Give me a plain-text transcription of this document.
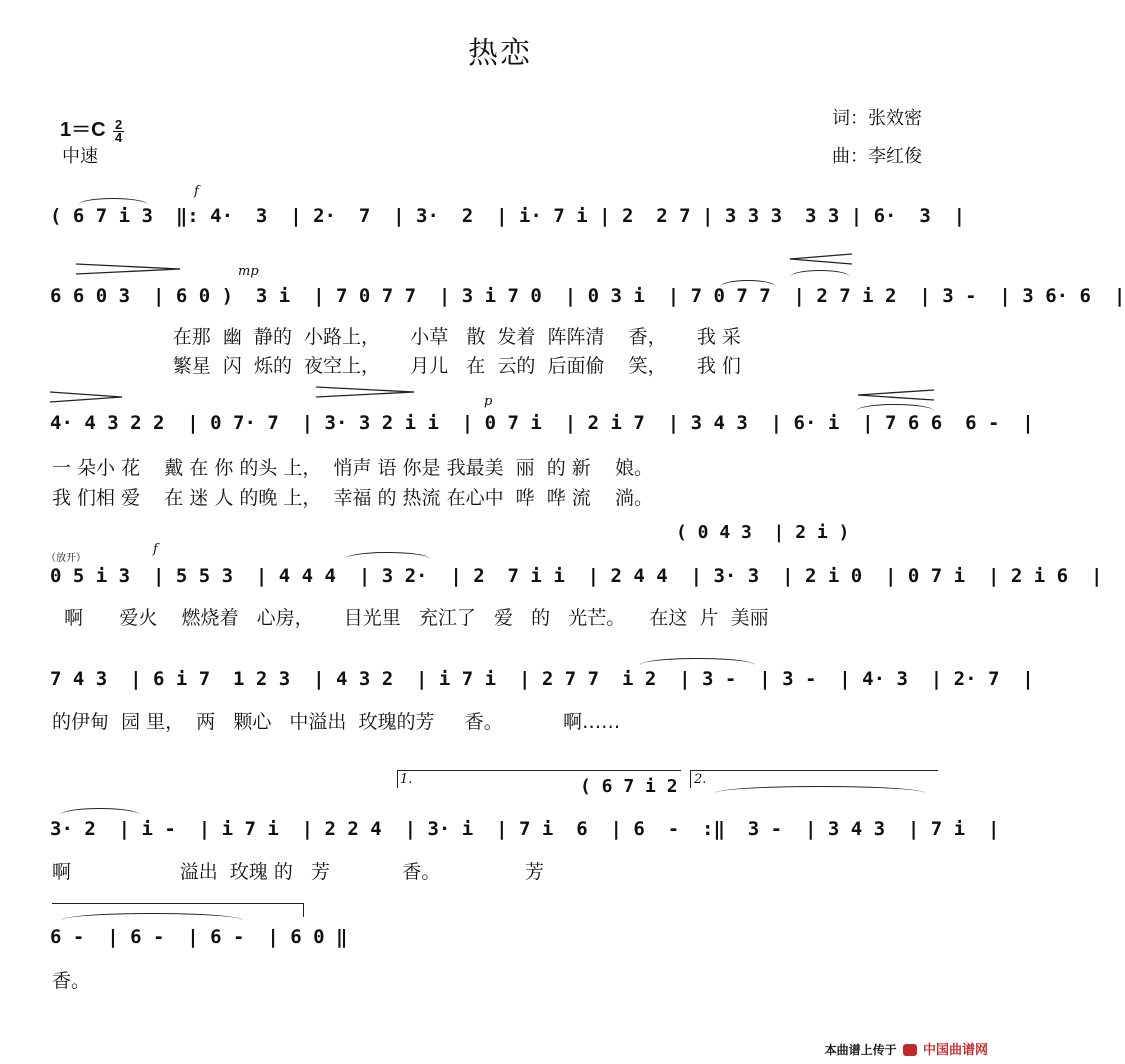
热恋
$1=C \frac{2}{4}$
中速
词：张效密
曲：李红俊
f
( 6 7 i 3  ‖: 4·  3  | 2·  7  | 3·  2  | i· 7 i | 2  2 7 | 3 3 3  3 3 | 6·  3  |
mp
6 6 0 3  | 6 0 )  3 i  | 7 0 7 7  | 3 i 7 0  | 0 3 i  | 7 0 7 7  | 2 7 i 2  | 3 -  | 3 6· 6  |
在那  幽  静的  小路上，     小草   散  发着  阵阵清    香，     我 采
繁星  闪  烁的  夜空上，     月儿   在  云的  后面偷    笑，     我 们
p
4· 4 3 2 2  | 0 7· 7  | 3· 3 2 i i  | 0 7 i  | 2 i 7  | 3 4 3  | 6· i  | 7 6 6  6 -  |
一 朵小 花    戴 在 你 的头 上，  悄声 语 你是 我最美  丽  的 新    娘。
我 们相 爱    在 迷 人 的晚 上，  幸福 的 热流 在心中  哗  哗 流    淌。
( 0 4 3  | 2 i )
（放开）
f
0 5 i 3  | 5 5 3  | 4 4 4  | 3 2·  | 2  7 i i  | 2 4 4  | 3· 3  | 2 i 0  | 0 7 i  | 2 i 6  |
啊      爱火    燃烧着   心房，     目光里   充江了   爱   的   光芒。    在这  片  美丽
7 4 3  | 6 i 7  1 2 3  | 4 3 2  | i 7 i  | 2 7 7  i 2  | 3 -  | 3 -  | 4· 3  | 2· 7  |
的伊甸  园 里，  两   颗心   中溢出  玫瑰的芳     香。          啊……
1.	( 6 7 i 2 2.
3· 2  | i -  | i 7 i  | 2 2 4  | 3· i  | 7 i  6  | 6  -  :‖  3 -  | 3 4 3  | 7 i  |
啊                  溢出  玫瑰 的   芳            香。              芳
6 -  | 6 -  | 6 -  | 6 0 ‖
香。
本曲谱上传于 中国曲谱网
